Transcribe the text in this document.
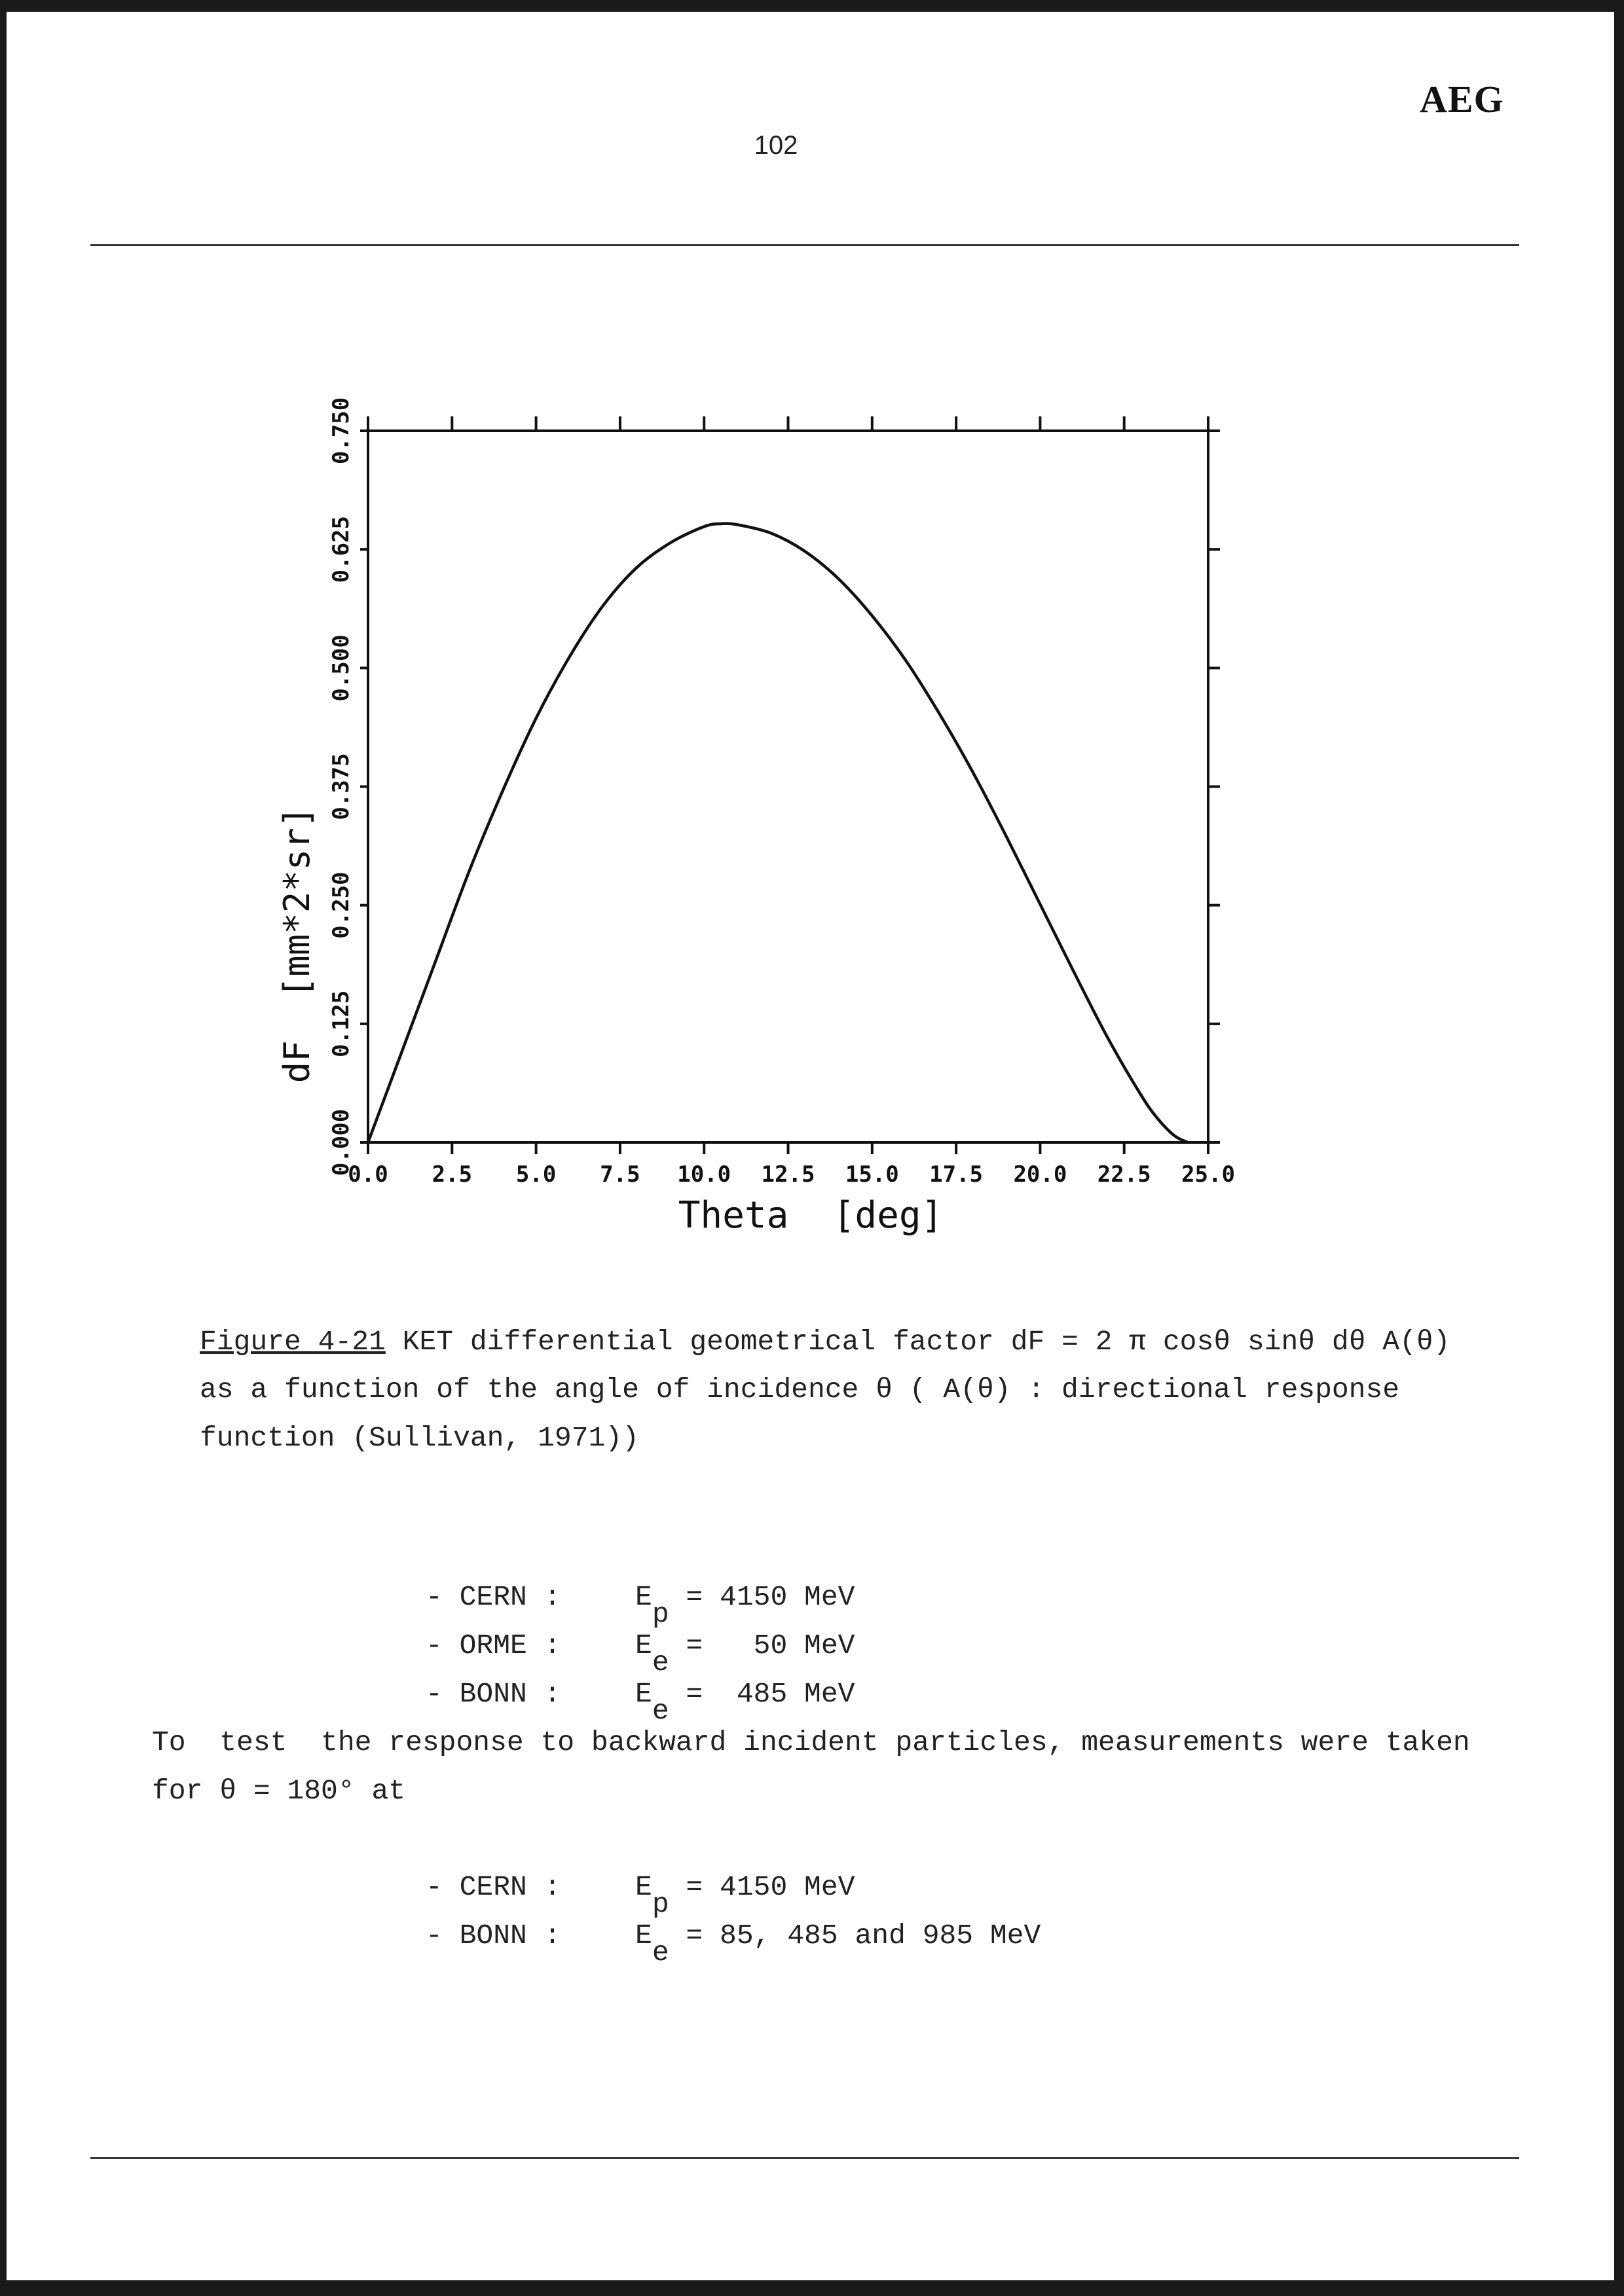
AEG
102
0.0 2.5 5.0 7.5 10.0 12.5 15.0 17.5 20.0 22.5 25.0
0.000
0.125
0.250
0.375
0.500
0.625
0.750
Theta  [deg]
dF  [mm*2*sr]
Figure 4-21 KET differential geometrical factor dF = 2 π cosθ sinθ dθ A(θ)
as a function of the angle of incidence θ ( A(θ) : directional response
function (Sullivan, 1971))
- CERN :	Ep = 4150 MeV
- ORME :	Ee =   50 MeV
- BONN :	Ee =  485 MeV
To  test  the response to backward incident particles, measurements were taken
for θ = 180° at
- CERN :	Ep = 4150 MeV
- BONN :	Ee = 85, 485 and 985 MeV
